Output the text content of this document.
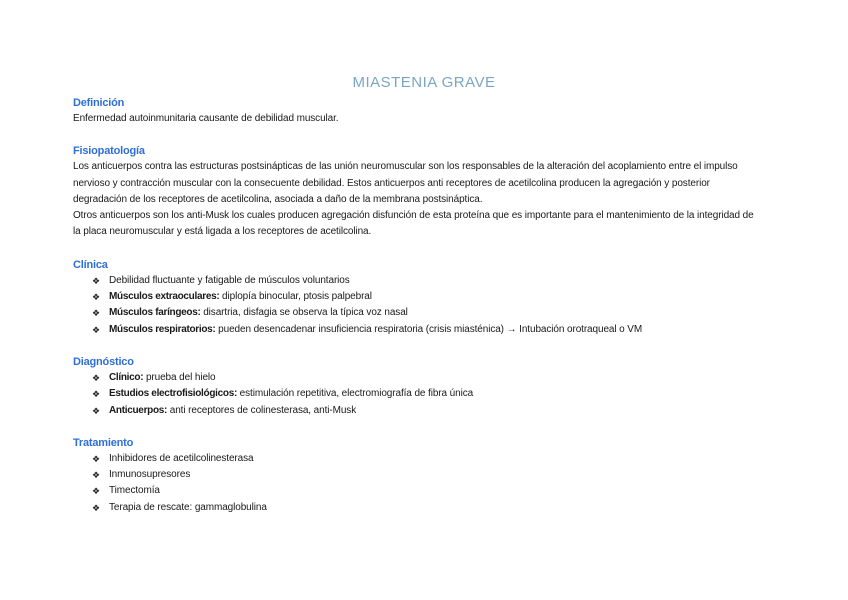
MIASTENIA GRAVE
Definición

Enfermedad autoinmunitaria causante de debilidad muscular.

Fisiopatología

Los anticuerpos contra las estructuras postsinápticas de las unión neuromuscular son los responsables de la alteración del acoplamiento entre el impulso

nervioso y contracción muscular con la consecuente debilidad. Estos anticuerpos anti receptores de acetilcolina producen la agregación y posterior

degradación de los receptores de acetilcolina, asociada a daño de la membrana postsináptica.

Otros anticuerpos son los anti-Musk los cuales producen agregación disfunción de esta proteína que es importante para el mantenimiento de la integridad de

la placa neuromuscular y está ligada a los receptores de acetilcolina.

Clínica
❖ Debilidad fluctuante y fatigable de músculos voluntarios
❖ Músculos extraoculares: diplopía binocular, ptosis palpebral
❖ Músculos faríngeos: disartria, disfagia se observa la típica voz nasal
❖ Músculos respiratorios: pueden desencadenar insuficiencia respiratoria (crisis miasténica) → Intubación orotraqueal o VM
Diagnóstico
❖ Clínico: prueba del hielo
❖ Estudios electrofisiológicos: estimulación repetitiva, electromiografía de fibra única
❖ Anticuerpos: anti receptores de colinesterasa, anti-Musk
Tratamiento
❖ Inhibidores de acetilcolinesterasa
❖ Inmunosupresores
❖ Timectomía
❖ Terapia de rescate: gammaglobulina
